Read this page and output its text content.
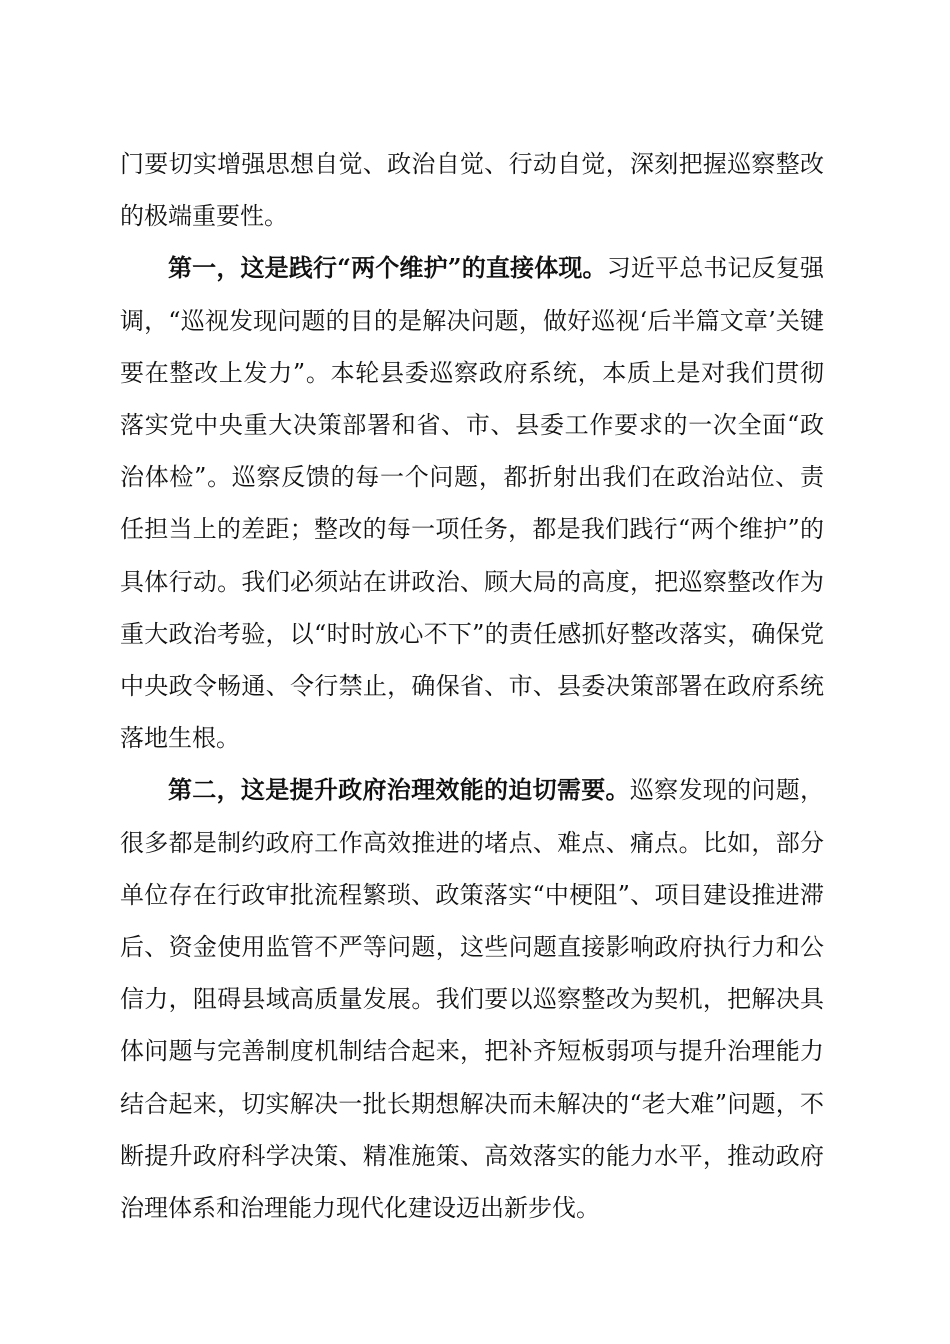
门要切实增强思想自觉、政治自觉、行动自觉，深刻把握巡察整改的极端重要性。

第一，这是践行“两个维护”的直接体现。习近平总书记反复强调，“巡视发现问题的目的是解决问题，做好巡视‘后半篇文章’关键要在整改上发力”。本轮县委巡察政府系统，本质上是对我们贯彻落实党中央重大决策部署和省、市、县委工作要求的一次全面“政治体检”。巡察反馈的每一个问题，都折射出我们在政治站位、责任担当上的差距；整改的每一项任务，都是我们践行“两个维护”的具体行动。我们必须站在讲政治、顾大局的高度，把巡察整改作为重大政治考验，以“时时放心不下”的责任感抓好整改落实，确保党中央政令畅通、令行禁止，确保省、市、县委决策部署在政府系统落地生根。

第二，这是提升政府治理效能的迫切需要。巡察发现的问题，很多都是制约政府工作高效推进的堵点、难点、痛点。比如，部分单位存在行政审批流程繁琐、政策落实“中梗阻”、项目建设推进滞后、资金使用监管不严等问题，这些问题直接影响政府执行力和公信力，阻碍县域高质量发展。我们要以巡察整改为契机，把解决具体问题与完善制度机制结合起来，把补齐短板弱项与提升治理能力结合起来，切实解决一批长期想解决而未解决的“老大难”问题，不断提升政府科学决策、精准施策、高效落实的能力水平，推动政府治理体系和治理能力现代化建设迈出新步伐。
